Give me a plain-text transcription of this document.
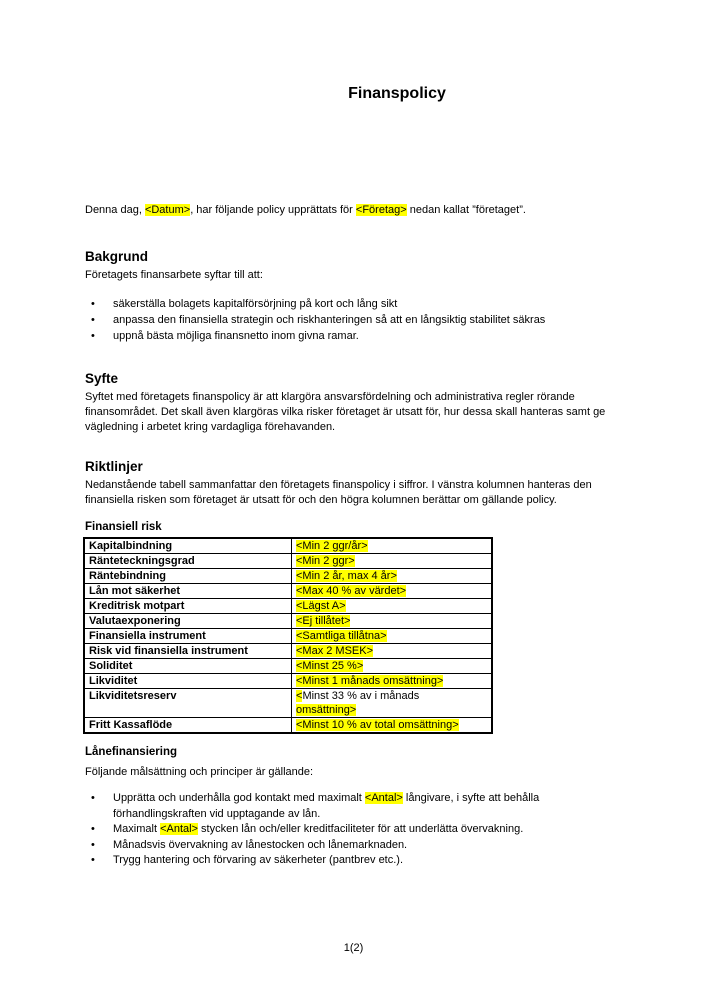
Finanspolicy

Denna dag, <Datum>, har följande policy upprättats för <Företag> nedan kallat ”företaget”.

Bakgrund

Företagets finansarbete syftar till att:

• säkerställa bolagets kapitalförsörjning på kort och lång sikt
• anpassa den finansiella strategin och riskhanteringen så att en långsiktig stabilitet säkras
• uppnå bästa möjliga finansnetto inom givna ramar.
Syfte

Syftet med företagets finanspolicy är att klargöra ansvarsfördelning och administrativa regler rörande finansområdet. Det skall även klargöras vilka risker företaget är utsatt för, hur dessa skall hanteras samt ge vägledning i arbetet kring vardagliga förehavanden.

Riktlinjer

Nedanstående tabell sammanfattar den företagets finanspolicy i siffror. I vänstra kolumnen hanteras den finansiella risken som företaget är utsatt för och den högra kolumnen berättar om gällande policy.

Finansiell risk

Kapitalbindning	<Min 2 ggr/år>
Ränteteckningsgrad	<Min 2 ggr>
Räntebindning	<Min 2 år, max 4 år>
Lån mot säkerhet	<Max 40 % av värdet>
Kreditrisk motpart	<Lägst A>
Valutaexponering	<Ej tillåtet>
Finansiella instrument	<Samtliga tillåtna>
Risk vid finansiella instrument	<Max 2 MSEK>
Soliditet	<Minst 25 %>
Likviditet	<Minst 1 månads omsättning>
Likviditetsreserv	<Minst 33 % av i månads
omsättning>
Fritt Kassaflöde	<Minst 10 % av total omsättning>

Lånefinansiering

Följande målsättning och principer är gällande:

• Upprätta och underhålla god kontakt med maximalt <Antal> långivare, i syfte att behålla förhandlingskraften vid upptagande av lån.
• Maximalt <Antal> stycken lån och/eller kreditfaciliteter för att underlätta övervakning.
• Månadsvis övervakning av lånestocken och lånemarknaden.
• Trygg hantering och förvaring av säkerheter (pantbrev etc.).
1(2)
